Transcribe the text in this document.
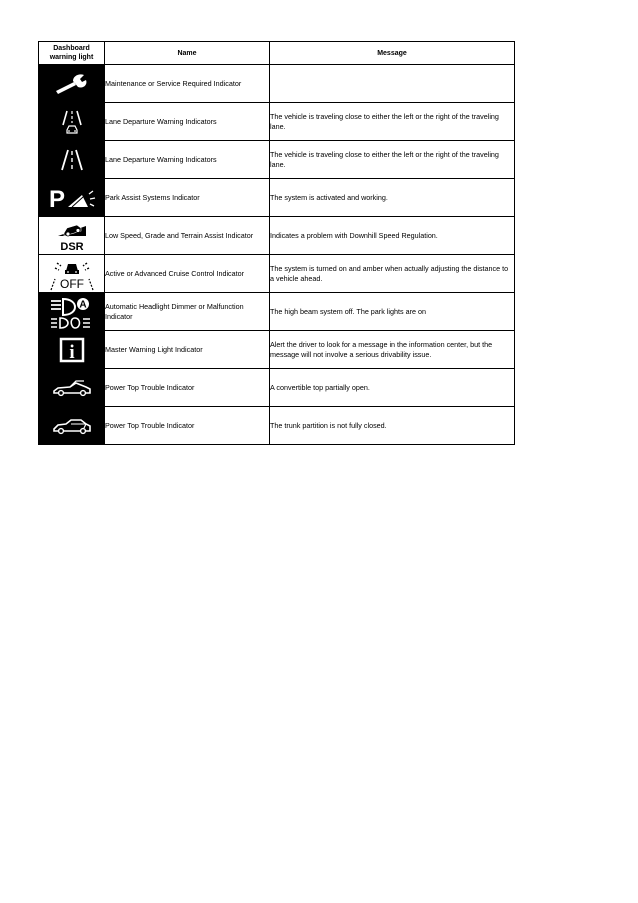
Dashboard warning light	Name	Message

	Maintenance or Service Required Indicator	

	Lane Departure Warning Indicators	The vehicle is traveling close to either the left or the right of the traveling lane.

	Lane Departure Warning Indicators	The vehicle is traveling close to either the left or the right of the traveling lane.

P	Park Assist Systems Indicator	The system is activated and working.

DSR	Low Speed, Grade and Terrain Assist Indicator	Indicates a problem with Downhill Speed Regulation.

OFF	Active or Advanced Cruise Control Indicator	The system is turned on and amber when actually adjusting the distance to a vehicle ahead.

A	Automatic Headlight Dimmer or Malfunction Indicator	The high beam system off. The park lights are on

i	Master Warning Light Indicator	Alert the driver to look for a message in the information center, but the message will not involve a serious drivability issue.

	Power Top Trouble Indicator	A convertible top partially open.

	Power Top Trouble Indicator	The trunk partition is not fully closed.
